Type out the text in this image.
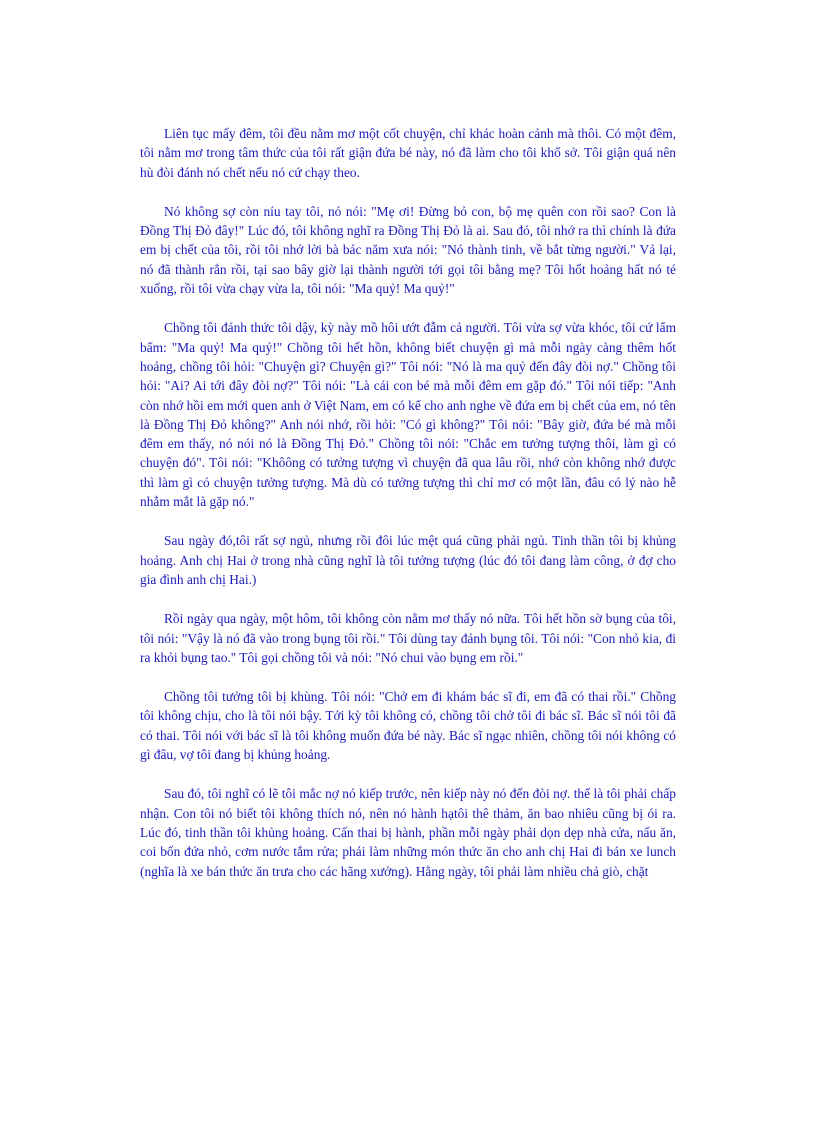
Liên tục mấy đêm, tôi đều nằm mơ một cốt chuyện, chỉ khác hoàn cảnh mà thôi. Có một đêm, tôi nằm mơ trong tâm thức của tôi rất giận đứa bé này, nó đã làm cho tôi khổ sở. Tôi giận quá nên hù đòi đánh nó chết nếu nó cứ chạy theo.

Nó không sợ còn níu tay tôi, nó nói: "Mẹ ơi! Đừng bỏ con, bộ mẹ quên con rồi sao? Con là Đồng Thị Đỏ đây!" Lúc đó, tôi không nghĩ ra Đồng Thị Đỏ là ai. Sau đó, tôi nhớ ra thì chính là đứa em bị chết của tôi, rồi tôi nhớ lời bà bác năm xưa nói: "Nó thành tinh, về bắt từng người." Vả lại, nó đã thành rắn rồi, tại sao bây giờ lại thành người tới gọi tôi bằng mẹ? Tôi hốt hoảng hất nó té xuống, rồi tôi vừa chạy vừa la, tôi nói: "Ma quỷ! Ma quỷ!"

Chồng tôi đánh thức tôi dậy, kỳ này mồ hôi ướt đẫm cả người. Tôi vừa sợ vừa khóc, tôi cứ lẩm bẩm: "Ma quỷ! Ma quỷ!" Chồng tôi hết hồn, không biết chuyện gì mà mỗi ngày càng thêm hốt hoảng, chồng tôi hỏi: "Chuyện gì? Chuyện gì?" Tôi nói: "Nó là ma quỷ đến đây đòi nợ." Chồng tôi hỏi: "Ai? Ai tới đây đòi nợ?" Tôi nói: "Là cái con bé mà mỗi đêm em gặp đó." Tôi nói tiếp: "Anh còn nhớ hồi em mới quen anh ở Việt Nam, em có kể cho anh nghe về đứa em bị chết của em, nó tên là Đồng Thị Đỏ không?" Anh nói nhớ, rồi hỏi: "Có gì không?" Tôi nói: "Bây giờ, đứa bé mà mỗi đêm em thấy, nó nói nó là Đồng Thị Đỏ." Chồng tôi nói: "Chắc em tưởng tượng thôi, làm gì có chuyện đó". Tôi nói: "Khôông có tưởng tượng vì chuyện đã qua lâu rồi, nhớ còn không nhớ được thì làm gì có chuyện tưởng tượng. Mà dù có tưởng tượng thì chỉ mơ có một lần, đâu có lý nào hễ nhắm mắt là gặp nó."

Sau ngày đó,tôi rất sợ ngủ, nhưng rồi đôi lúc mệt quá cũng phải ngủ. Tinh thần tôi bị khủng hoảng. Anh chị Hai ở trong nhà cũng nghĩ là tôi tưởng tượng (lúc đó tôi đang làm công, ở đợ cho gia đình anh chị Hai.)

Rồi ngày qua ngày, một hôm, tôi không còn nằm mơ thấy nó nữa. Tôi hết hồn sờ bụng của tôi, tôi nói: "Vậy là nó đã vào trong bụng tôi rồi." Tôi dùng tay đánh bụng tôi. Tôi nói: "Con nhỏ kia, đi ra khỏi bụng tao." Tôi gọi chồng tôi và nói: "Nó chui vào bụng em rồi."

Chồng tôi tưởng tôi bị khùng. Tôi nói: "Chở em đi khám bác sĩ đi, em đã có thai rồi." Chồng tôi không chịu, cho là tôi nói bậy. Tới kỳ tôi không có, chồng tôi chở tôi đi bác sĩ. Bác sĩ nói tôi đã có thai. Tôi nói với bác sĩ là tôi không muốn đứa bé này. Bác sĩ ngạc nhiên, chồng tôi nói không có gì đâu, vợ tôi đang bị khủng hoảng.

Sau đó, tôi nghĩ có lẽ tôi mắc nợ nó kiếp trước, nên kiếp này nó đến đòi nợ. thế là tôi phải chấp nhận. Con tôi nó biết tôi không thích nó, nên nó hành hạtôi thê thảm, ăn bao nhiêu cũng bị ói ra. Lúc đó, tinh thần tôi khủng hoảng. Cấn thai bị hành, phần mỗi ngày phải dọn dẹp nhà cửa, nấu ăn, coi bốn đứa nhỏ, cơm nước tắm rửa; phải làm những món thức ăn cho anh chị Hai đi bán xe lunch (nghĩa là xe bán thức ăn trưa cho các hãng xưởng). Hằng ngày, tôi phải làm nhiều chả giò, chặt
